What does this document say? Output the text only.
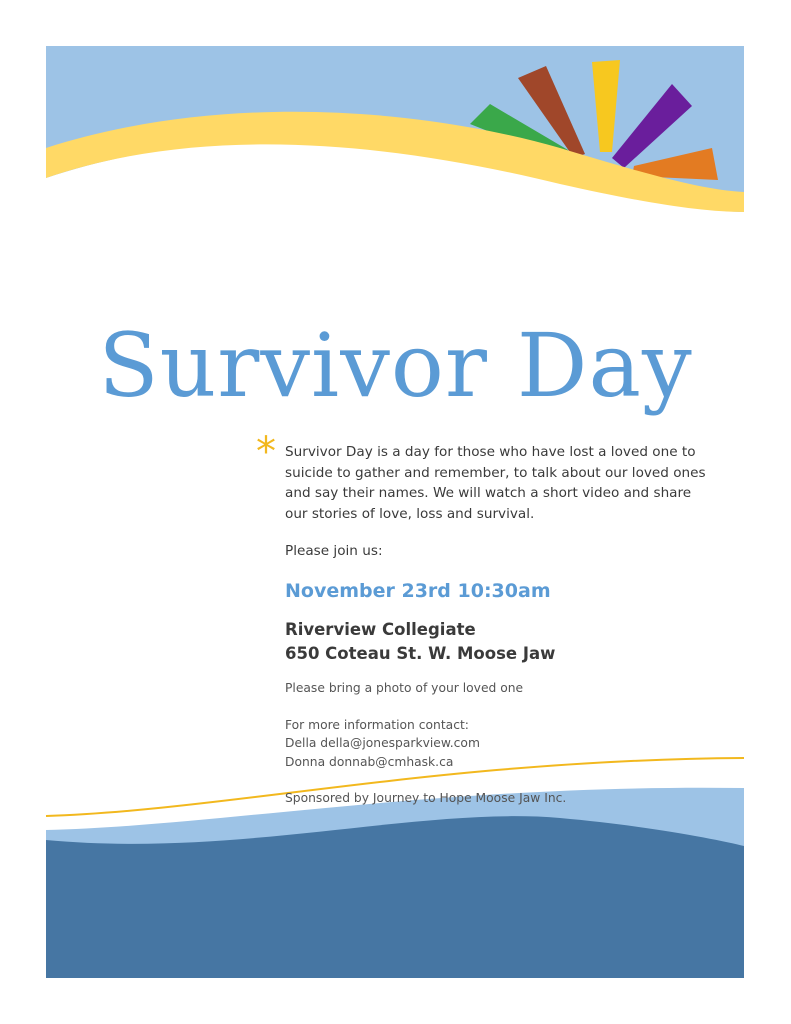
Survivor Day
* Survivor Day is a day for those who have lost a loved one to suicide to gather and remember, to talk about our loved ones and say their names. We will watch a short video and share our stories of love, loss and survival.

Please join us:

November 23rd 10:30am

Riverview Collegiate
650 Coteau St. W. Moose Jaw

Please bring a photo of your loved one

For more information contact:
Della della@jonesparkview.com
Donna donnab@cmhask.ca

Sponsored by Journey to Hope Moose Jaw Inc.
